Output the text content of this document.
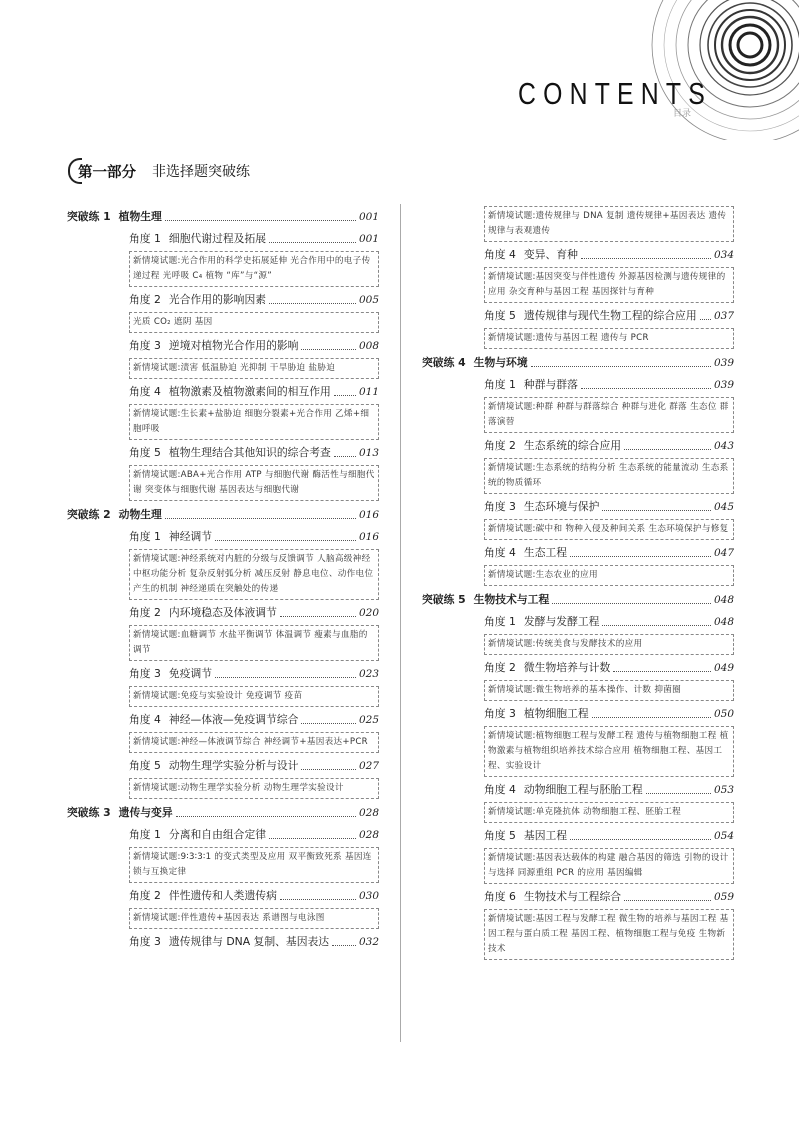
CONTENTS
目录
第一部分 非选择题突破练
突破练 1 植物生理	001
角度 1 细胞代谢过程及拓展	001
新情境试题:光合作用的科学史拓展延伸 光合作用中的电子传递过程 光呼吸 C₄ 植物 “库”与“源”
角度 2 光合作用的影响因素	005
光质 CO₂ 遮阴 基因
角度 3 逆境对植物光合作用的影响	008
新情境试题:渍害 低温胁迫 光抑制 干旱胁迫 盐胁迫
角度 4 植物激素及植物激素间的相互作用	011
新情境试题:生长素+盐胁迫 细胞分裂素+光合作用 乙烯+细胞呼吸
角度 5 植物生理结合其他知识的综合考查	013
新情境试题:ABA+光合作用 ATP 与细胞代谢 酶活性与细胞代谢 突变体与细胞代谢 基因表达与细胞代谢
突破练 2 动物生理	016
角度 1 神经调节	016
新情境试题:神经系统对内脏的分级与反馈调节 人脑高级神经中枢功能分析 复杂反射弧分析 减压反射 静息电位、动作电位产生的机制 神经递质在突触处的传递
角度 2 内环境稳态及体液调节	020
新情境试题:血糖调节 水盐平衡调节 体温调节 瘦素与血脂的调节
角度 3 免疫调节	023
新情境试题:免疫与实验设计 免疫调节 疫苗
角度 4 神经—体液—免疫调节综合	025
新情境试题:神经—体液调节综合 神经调节+基因表达+PCR
角度 5 动物生理学实验分析与设计	027
新情境试题:动物生理学实验分析 动物生理学实验设计
突破练 3 遗传与变异	028
角度 1 分离和自由组合定律	028
新情境试题:9∶3∶3∶1 的变式类型及应用 双平衡致死系 基因连锁与互换定律
角度 2 伴性遗传和人类遗传病	030
新情境试题:伴性遗传+基因表达 系谱图与电泳图
角度 3 遗传规律与 DNA 复制、基因表达	032
新情境试题:遗传规律与 DNA 复制 遗传规律+基因表达 遗传规律与表观遗传
角度 4 变异、育种	034
新情境试题:基因突变与伴性遗传 外源基因检测与遗传规律的应用 杂交育种与基因工程 基因探针与育种
角度 5 遗传规律与现代生物工程的综合应用 037
新情境试题:遗传与基因工程 遗传与 PCR
突破练 4 生物与环境	039
角度 1 种群与群落	039
新情境试题:种群 种群与群落综合 种群与进化 群落 生态位 群落演替
角度 2 生态系统的综合应用	043
新情境试题:生态系统的结构分析 生态系统的能量流动 生态系统的物质循环
角度 3 生态环境与保护	045
新情境试题:碳中和 物种入侵及种间关系 生态环境保护与修复
角度 4 生态工程	047
新情境试题:生态农业的应用
突破练 5 生物技术与工程	048
角度 1 发酵与发酵工程	048
新情境试题:传统美食与发酵技术的应用
角度 2 微生物培养与计数	049
新情境试题:微生物培养的基本操作、计数 抑菌圈
角度 3 植物细胞工程	050
新情境试题:植物细胞工程与发酵工程 遗传与植物细胞工程 植物激素与植物组织培养技术综合应用 植物细胞工程、基因工程、实验设计
角度 4 动物细胞工程与胚胎工程	053
新情境试题:单克隆抗体 动物细胞工程、胚胎工程
角度 5 基因工程	054
新情境试题:基因表达载体的构建 融合基因的筛选 引物的设计与选择 同源重组 PCR 的应用 基因编辑
角度 6 生物技术与工程综合	059
新情境试题:基因工程与发酵工程 微生物的培养与基因工程 基因工程与蛋白质工程 基因工程、植物细胞工程与免疫 生物新技术
